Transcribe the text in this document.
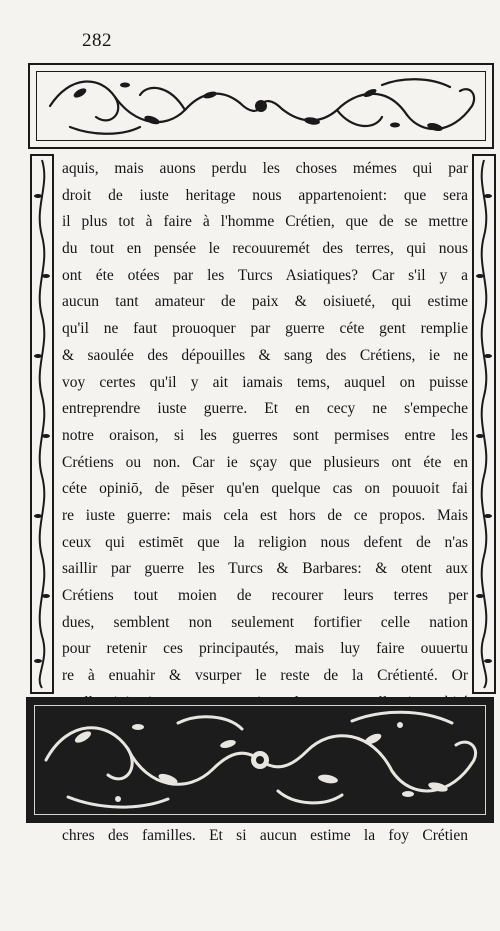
282
aquis, mais auons perdu les choses mémes qui par
droit de iuste heritage nous appartenoient: que sera
il plus tot à faire à l'homme Crétien, que de se mettre
du tout en pensée le recouuremét des terres, qui nous
ont éte otées par les Turcs Asiatiques? Car s'il y a
aucun tant amateur de paix & oisiueté, qui estime
qu'il ne faut prouoquer par guerre céte gent remplie
& saoulée des dépouilles & sang des Crétiens, ie ne
voy certes qu'il y ait iamais tems, auquel on puisse
entreprendre iuste guerre. Et en cecy ne s'empeche
notre oraison, si les guerres sont permises entre les
Crétiens ou non. Car ie sçay que plusieurs ont éte en
céte opiniō, de pēser qu'en quelque cas on pouuoit fai
re iuste guerre: mais cela est hors de ce propos. Mais
ceux qui estimēt que la religion nous defent de n'as
saillir par guerre les Turcs & Barbares: & otent aux
Crétiens tout moien de recourer leurs terres per
dues, semblent non seulement fortifier celle nation
pour retenir ces principautés, mais luy faire ouuertu
re à enuahir & vsurper le reste de la Crétienté. Or
chres des familles. Et si aucun estime la foy Crétien
